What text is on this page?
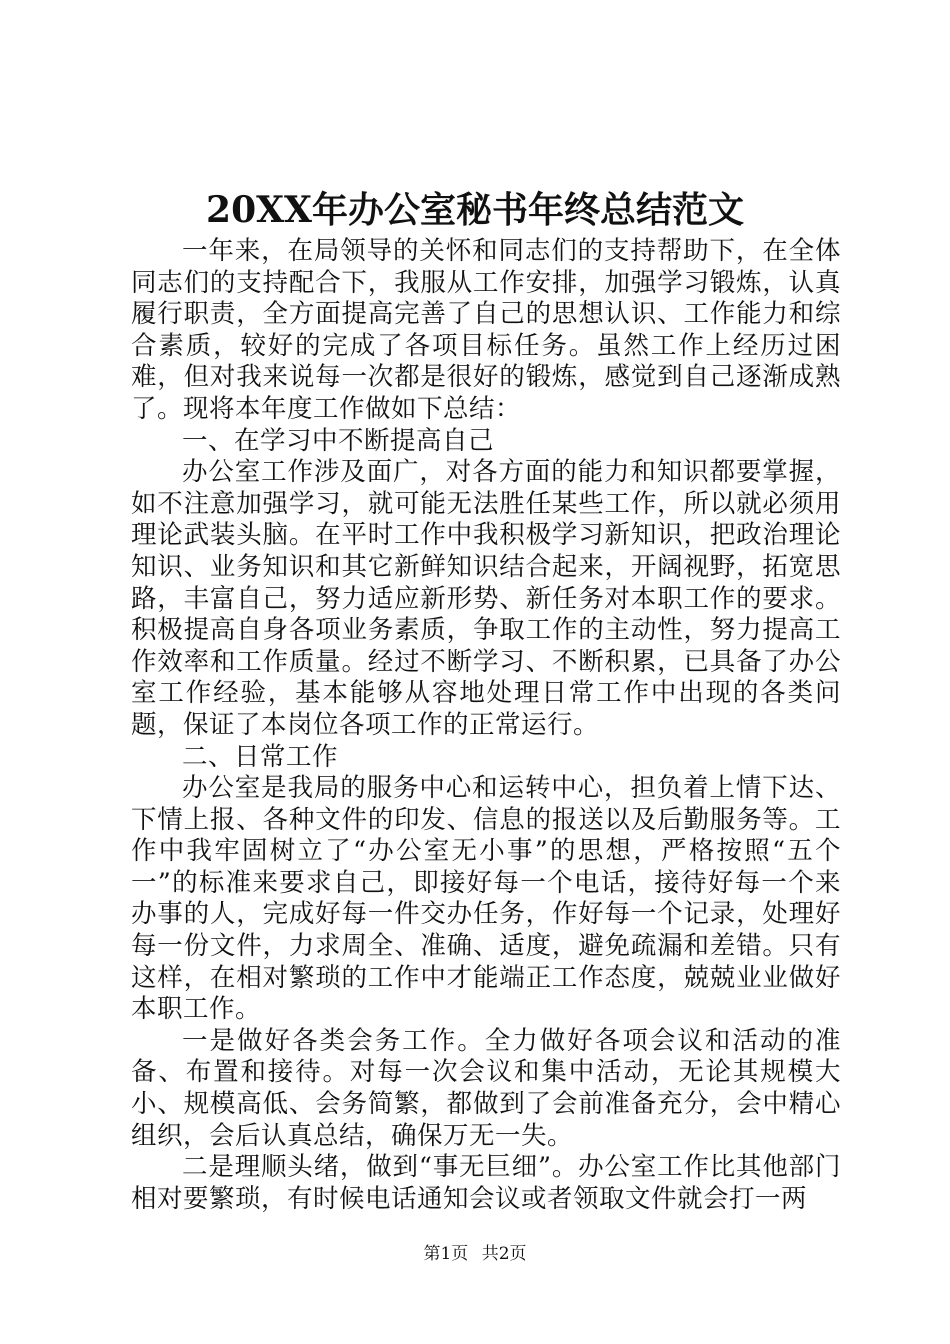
20XX年办公室秘书年终总结范文

一年来，在局领导的关怀和同志们的支持帮助下，在全体同志们的支持配合下，我服从工作安排，加强学习锻炼，认真履行职责，全方面提高完善了自己的思想认识、工作能力和综合素质，较好的完成了各项目标任务。虽然工作上经历过困难，但对我来说每一次都是很好的锻炼，感觉到自己逐渐成熟了。现将本年度工作做如下总结：

一、在学习中不断提高自己

办公室工作涉及面广，对各方面的能力和知识都要掌握，如不注意加强学习，就可能无法胜任某些工作，所以就必须用理论武装头脑。在平时工作中我积极学习新知识，把政治理论知识、业务知识和其它新鲜知识结合起来，开阔视野，拓宽思路，丰富自己，努力适应新形势、新任务对本职工作的要求。积极提高自身各项业务素质，争取工作的主动性，努力提高工作效率和工作质量。经过不断学习、不断积累，已具备了办公室工作经验，基本能够从容地处理日常工作中出现的各类问题，保证了本岗位各项工作的正常运行。

二、日常工作

办公室是我局的服务中心和运转中心，担负着上情下达、下情上报、各种文件的印发、信息的报送以及后勤服务等。工作中我牢固树立了“办公室无小事”的思想，严格按照“五个一”的标准来要求自己，即接好每一个电话，接待好每一个来办事的人，完成好每一件交办任务，作好每一个记录，处理好每一份文件，力求周全、准确、适度，避免疏漏和差错。只有这样，在相对繁琐的工作中才能端正工作态度，兢兢业业做好本职工作。

一是做好各类会务工作。全力做好各项会议和活动的准备、布置和接待。对每一次会议和集中活动，无论其规模大小、规模高低、会务简繁，都做到了会前准备充分，会中精心组织，会后认真总结，确保万无一失。

二是理顺头绪，做到“事无巨细”。办公室工作比其他部门相对要繁琐，有时候电话通知会议或者领取文件就会打一两

第1页 共2页
